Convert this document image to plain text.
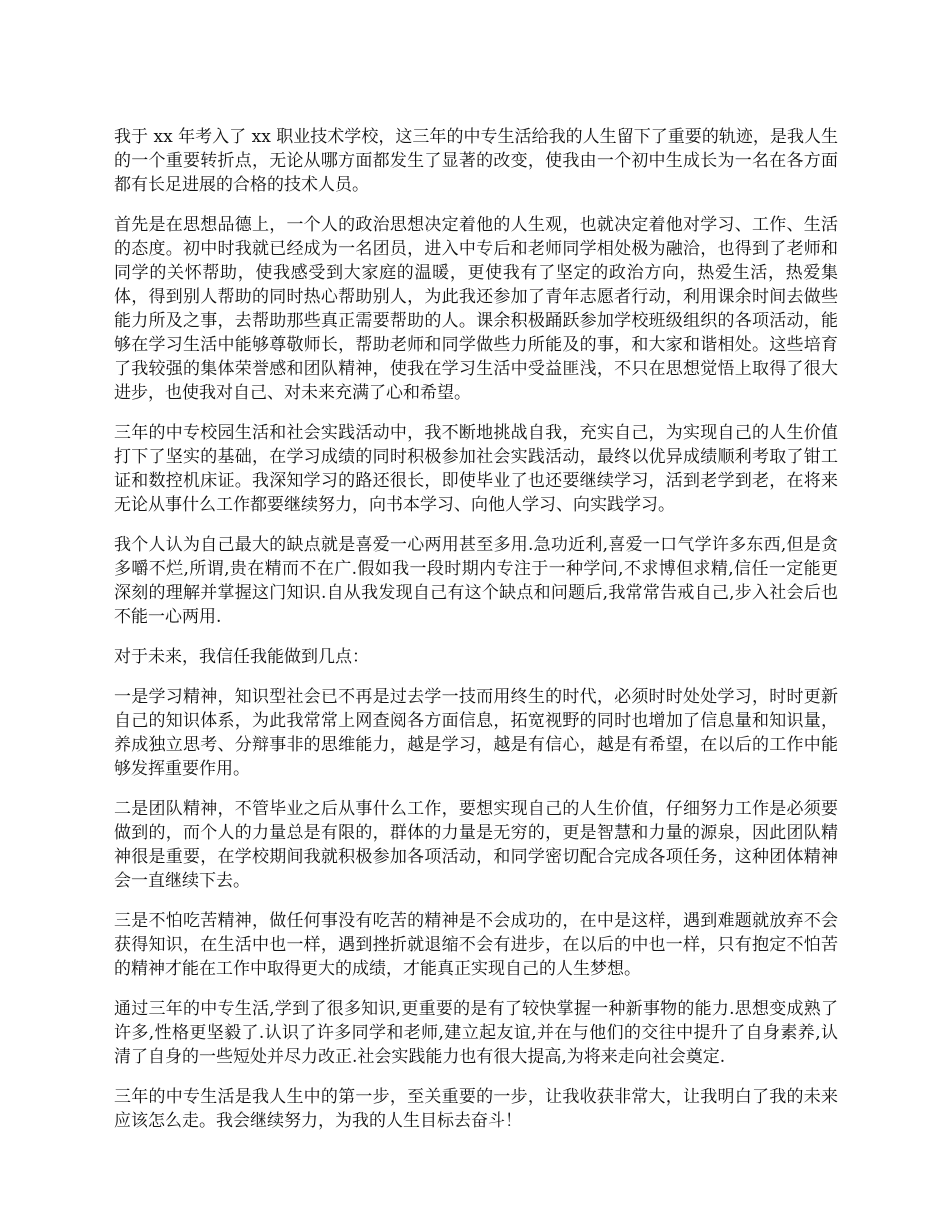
我于 xx 年考入了 xx 职业技术学校，这三年的中专生活给我的人生留下了重要的轨迹，是我人生的一个重要转折点，无论从哪方面都发生了显著的改变，使我由一个初中生成长为一名在各方面都有长足进展的合格的技术人员。

首先是在思想品德上，一个人的政治思想决定着他的人生观，也就决定着他对学习、工作、生活的态度。初中时我就已经成为一名团员，进入中专后和老师同学相处极为融洽，也得到了老师和同学的关怀帮助，使我感受到大家庭的温暖，更使我有了坚定的政治方向，热爱生活，热爱集体，得到别人帮助的同时热心帮助别人，为此我还参加了青年志愿者行动，利用课余时间去做些能力所及之事，去帮助那些真正需要帮助的人。课余积极踊跃参加学校班级组织的各项活动，能够在学习生活中能够尊敬师长，帮助老师和同学做些力所能及的事，和大家和谐相处。这些培育了我较强的集体荣誉感和团队精神，使我在学习生活中受益匪浅，不只在思想觉悟上取得了很大进步，也使我对自己、对未来充满了心和希望。

三年的中专校园生活和社会实践活动中，我不断地挑战自我，充实自己，为实现自己的人生价值打下了坚实的基础，在学习成绩的同时积极参加社会实践活动，最终以优异成绩顺利考取了钳工证和数控机床证。我深知学习的路还很长，即使毕业了也还要继续学习，活到老学到老，在将来无论从事什么工作都要继续努力，向书本学习、向他人学习、向实践学习。

我个人认为自己最大的缺点就是喜爱一心两用甚至多用.急功近利,喜爱一口气学许多东西,但是贪多嚼不烂,所谓,贵在精而不在广.假如我一段时期内专注于一种学问,不求博但求精,信任一定能更深刻的理解并掌握这门知识.自从我发现自己有这个缺点和问题后,我常常告戒自己,步入社会后也不能一心两用.

对于未来，我信任我能做到几点：

一是学习精神，知识型社会已不再是过去学一技而用终生的时代，必须时时处处学习，时时更新自己的知识体系，为此我常常上网查阅各方面信息，拓宽视野的同时也增加了信息量和知识量，养成独立思考、分辩事非的思维能力，越是学习，越是有信心，越是有希望，在以后的工作中能够发挥重要作用。

二是团队精神，不管毕业之后从事什么工作，要想实现自己的人生价值，仔细努力工作是必须要做到的，而个人的力量总是有限的，群体的力量是无穷的，更是智慧和力量的源泉，因此团队精神很是重要，在学校期间我就积极参加各项活动，和同学密切配合完成各项任务，这种团体精神会一直继续下去。

三是不怕吃苦精神，做任何事没有吃苦的精神是不会成功的，在中是这样，遇到难题就放弃不会获得知识，在生活中也一样，遇到挫折就退缩不会有进步，在以后的中也一样，只有抱定不怕苦的精神才能在工作中取得更大的成绩，才能真正实现自己的人生梦想。

通过三年的中专生活,学到了很多知识,更重要的是有了较快掌握一种新事物的能力.思想变成熟了许多,性格更坚毅了.认识了许多同学和老师,建立起友谊,并在与他们的交往中提升了自身素养,认清了自身的一些短处并尽力改正.社会实践能力也有很大提高,为将来走向社会奠定.

三年的中专生活是我人生中的第一步，至关重要的一步，让我收获非常大，让我明白了我的未来应该怎么走。我会继续努力，为我的人生目标去奋斗！
